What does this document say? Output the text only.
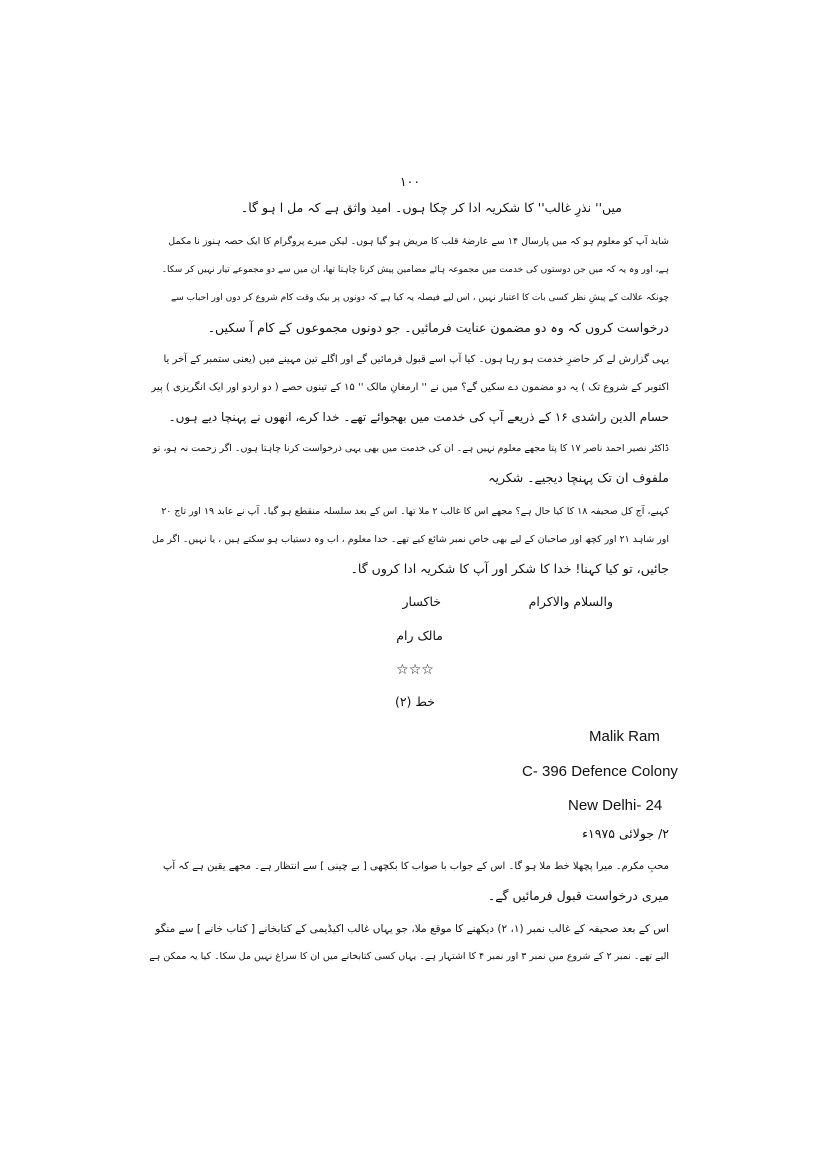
۱۰۰
میں'' نذرِ غالب'' کا شکریہ ادا کر چکا ہوں۔ امید واثق ہے کہ مل ا ہو گا۔
شاید آپ کو معلوم ہو کہ میں پارسال ۱۴ سے عارضۂ قلب کا مریض ہو گیا ہوں۔ لیکن میرے پروگرام کا ایک حصہ ہنوز نا مکمل
ہے، اور وہ یہ کہ میں جن دوستوں کی خدمت میں مجموعہ ہائے مضامین پیش کرنا چاہتا تھا، ان میں سے دو مجموعے تیار نہیں کر سکا۔
چونکہ علالت کے پیشِ نظر کسی بات کا اعتبار نہیں ، اس لیے فیصلہ یہ کیا ہے کہ دونوں پر بیک وقت کام شروع کر دوں اور احباب سے
درخواست کروں کہ وہ دو مضمون عنایت فرمائیں۔ جو دونوں مجموعوں کے کام آ سکیں۔
یہی گزارش لے کر حاضرِ خدمت ہو رہا ہوں۔ کیا آپ اسے قبول فرمائیں گے اور اگلے تین مہینے میں (یعنی ستمبر کے آخر یا
اکتوبر کے شروع تک ) یہ دو مضمون دے سکیں گے؟ میں نے '' ارمغانِ مالک '' ۱۵ کے تینوں حصے ( دو اردو اور ایک انگریزی ) پیر
حسام الدین راشدی ۱۶ کے ذریعے آپ کی خدمت میں بھجوائے تھے۔ خدا کرے، انھوں نے پہنچا دیے ہوں۔
ڈاکٹر نصیر احمد ناصر ۱۷ کا پتا مجھے معلوم نہیں ہے۔ ان کی خدمت میں بھی یہی درخواست کرنا چاہتا ہوں۔ اگر زحمت نہ ہو، تو
ملفوف ان تک پہنچا دیجیے۔ شکریہ
کہیے، آج کل صحیفہ ۱۸ کا کیا حال ہے؟ مجھے اس کا غالب ۲ ملا تھا۔ اس کے بعد سلسلہ منقطع ہو گیا۔ آپ نے عابد ۱۹ اور تاج ۲۰
اور شاہد ۲۱ اور کچھ اور صاحبان کے لیے بھی خاص نمبر شائع کیے تھے۔ خدا معلوم ، اب وہ دستیاب ہو سکتے ہیں ، یا نہیں۔ اگر مل
جائیں، تو کیا کہنا! خدا کا شکر اور آپ کا شکریہ ادا کروں گا۔
والسلام والاکرام
خاکسار
مالک رام
☆☆☆
خط (۲)
Malik Ram
C- 396 Defence Colony
New Delhi- 24
۲/ جولائی ۱۹۷۵ء
محبِ مکرم۔ میرا پچھلا خط ملا ہو گا۔ اس کے جواب با صواب کا بکچھی [ بے چینی ] سے انتظار ہے۔ مجھے یقین ہے کہ آپ
میری درخواست قبول فرمائیں گے۔
اس کے بعد صحیفہ کے غالب نمبر (۱، ۲) دیکھنے کا موقع ملا، جو یہاں غالب اکیڈیمی کے کتابخانے [ کتاب خانے ] سے منگو
الیے تھے۔ نمبر ۲ کے شروع میں نمبر ۳ اور نمبر ۴ کا اشتہار ہے۔ یہاں کسی کتابخانے میں ان کا سراغ نہیں مل سکا۔ کیا یہ ممکن ہے
